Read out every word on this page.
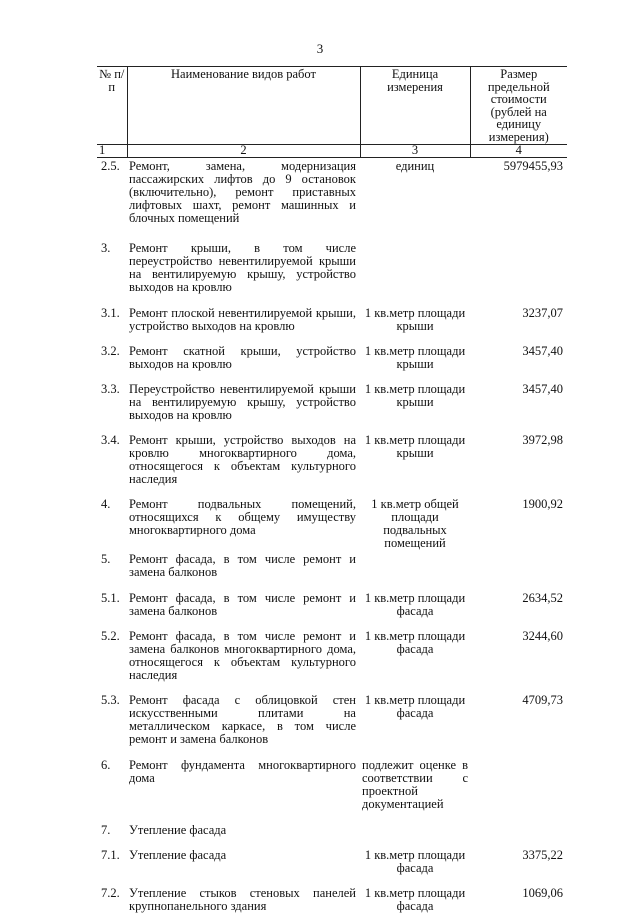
3
№ п/п	Наименование видов работ	Единица измерения	Размер предельной стоимости (рублей на единицу измерения)
1	2	3	4
2.5.	Ремонт, замена, модернизация пассажирских лифтов до 9 остановок (включительно), ремонт приставных лифтовых шахт, ремонт машинных и блочных помещений	единиц	5979455,93

3.	Ремонт крыши, в том числе переустройство невентилируемой крыши на вентилируемую крышу, устройство выходов на кровлю		

3.1.	Ремонт плоской невентилируемой крыши, устройство выходов на кровлю	1 кв.метр площади крыши	3237,07

3.2.	Ремонт скатной крыши, устройство выходов на кровлю	1 кв.метр площади крыши	3457,40

3.3.	Переустройство невентилируемой крыши на вентилируемую крышу, устройство выходов на кровлю	1 кв.метр площади крыши	3457,40

3.4.	Ремонт крыши, устройство выходов на кровлю многоквартирного дома, относящегося к объектам культурного наследия	1 кв.метр площади крыши	3972,98

4.	Ремонт подвальных помещений, относящихся к общему имуществу многоквартирного дома	1 кв.метр общей площади подвальных помещений	1900,92

5.	Ремонт фасада, в том числе ремонт и замена балконов		

5.1.	Ремонт фасада, в том числе ремонт и замена балконов	1 кв.метр площади фасада	2634,52

5.2.	Ремонт фасада, в том числе ремонт и замена балконов многоквартирного дома, относящегося к объектам культурного наследия	1 кв.метр площади фасада	3244,60

5.3.	Ремонт фасада с облицовкой стен искусственными плитами на металлическом каркасе, в том числе ремонт и замена балконов	1 кв.метр площади фасада	4709,73

6.	Ремонт фундамента многоквартирного дома	подлежит оценке в соответствии с проектной документацией	

7.	Утепление фасада		

7.1.	Утепление фасада	1 кв.метр площади фасада	3375,22

7.2.	Утепление стыков стеновых панелей крупнопанельного здания	1 кв.метр площади фасада	1069,06
